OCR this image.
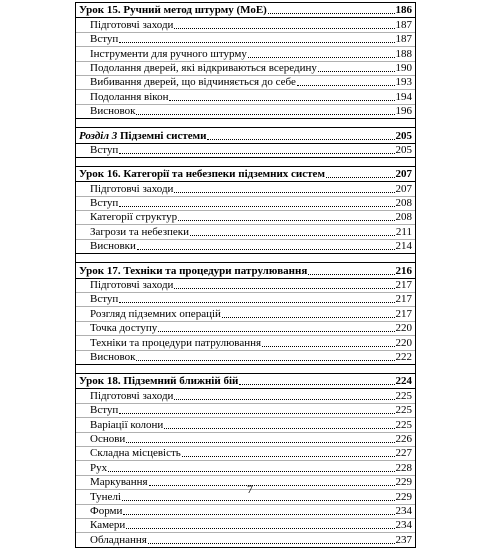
Урок 15. Ручний метод штурму (МоЕ)	186
Підготовчі заходи	187
Вступ	187
Інструменти для ручного штурму	188
Подолання дверей, які відкриваються всередину	190
Вибивання дверей, що відчиняється до себе	193
Подолання вікон	194
Висновок	196
Розділ 3 Підземні системи	205
Вступ	205
Урок 16. Категорії та небезпеки підземних систем	207
Підготовчі заходи	207
Вступ	208
Категорії структур	208
Загрози та небезпеки	211
Висновки	214
Урок 17. Техніки та процедури патрулювання	216
Підготовчі заходи	217
Вступ	217
Розгляд підземних операцій	217
Точка доступу	220
Техніки та процедури патрулювання	220
Висновок	222
Урок 18. Підземний ближній бій	224
Підготовчі заходи	225
Вступ	225
Варіації колони	225
Основи	226
Складна місцевість	227
Рух	228
Маркування	229
Тунелі	229
Форми	234
Камери	234
Обладнання	237
7
